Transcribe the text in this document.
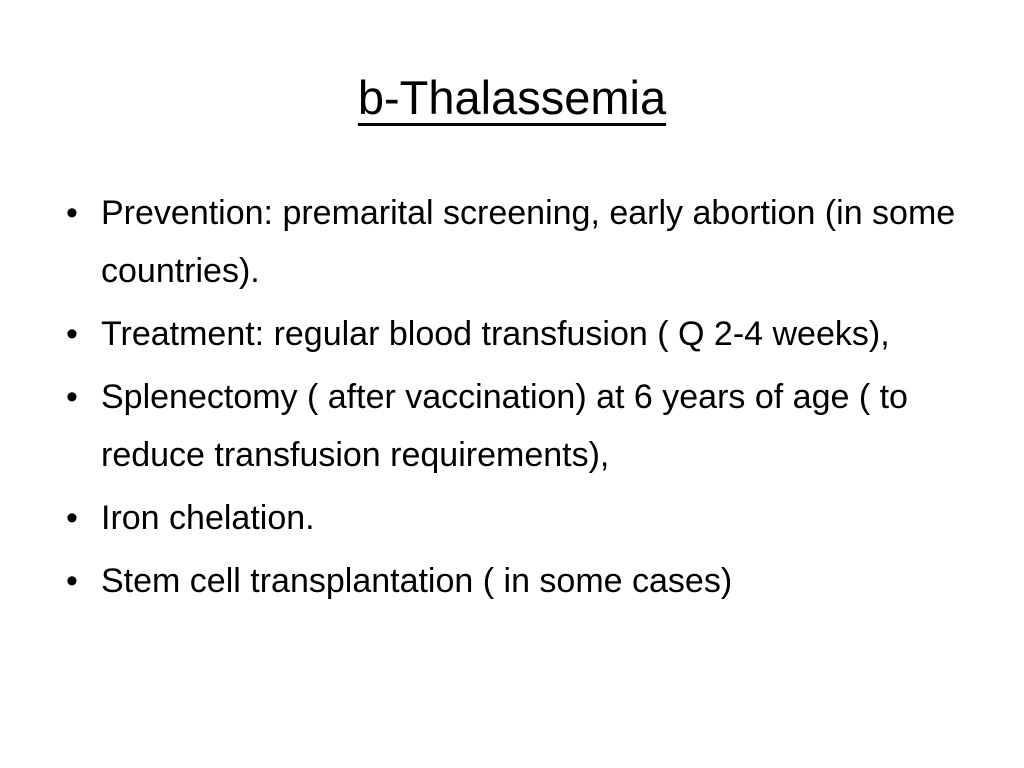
b-Thalassemia
• Prevention: premarital screening, early abortion (in some countries).
• Treatment: regular blood transfusion ( Q 2-4 weeks),
• Splenectomy ( after vaccination) at 6 years of age ( to reduce transfusion requirements),
• Iron chelation.
• Stem cell transplantation ( in some cases)
